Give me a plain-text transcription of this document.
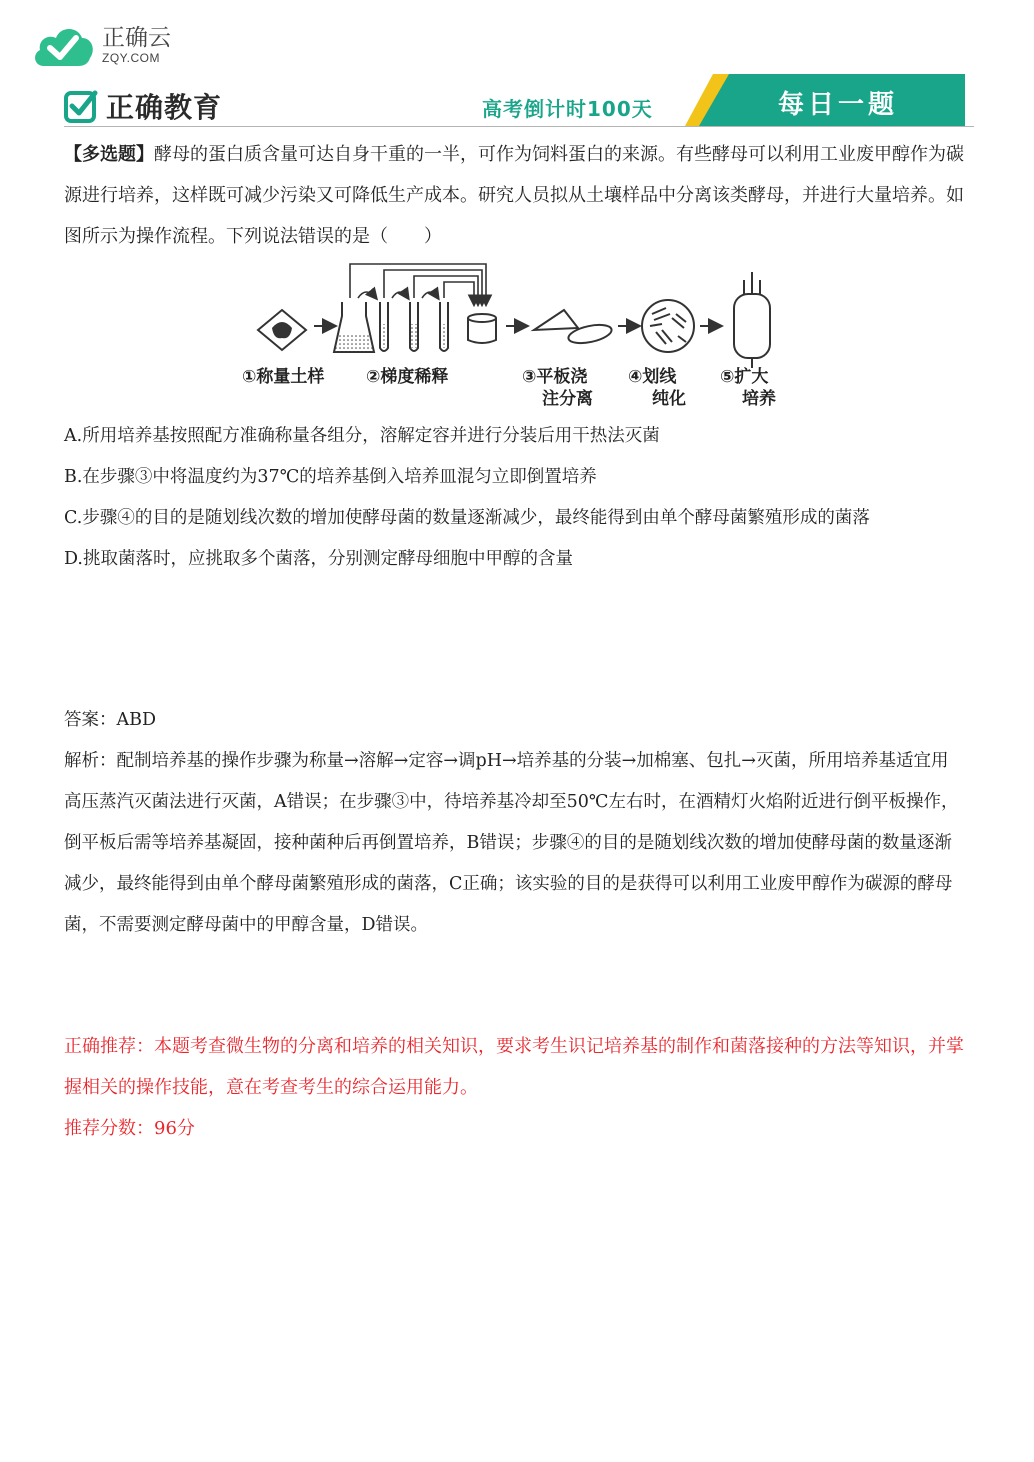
正确云
ZQY.COM
正确教育	高考倒计时100天	每日一题
【多选题】酵母的蛋白质含量可达自身干重的一半，可作为饲料蛋白的来源。有些酵母可以利用工业废甲醇作为碳源进行培养，这样既可减少污染又可降低生产成本。研究人员拟从土壤样品中分离该类酵母，并进行大量培养。如图所示为操作流程。下列说法错误的是（　　）
①称量土样 ②梯度稀释	③平板浇注分离
④划线纯化
⑤扩大培养

A.所用培养基按照配方准确称量各组分，溶解定容并进行分装后用干热法灭菌

B.在步骤③中将温度约为37℃的培养基倒入培养皿混匀立即倒置培养

C.步骤④的目的是随划线次数的增加使酵母菌的数量逐渐减少，最终能得到由单个酵母菌繁殖形成的菌落

D.挑取菌落时，应挑取多个菌落，分别测定酵母细胞中甲醇的含量

答案：ABD
解析：配制培养基的操作步骤为称量→溶解→定容→调pH→培养基的分装→加棉塞、包扎→灭菌，所用培养基适宜用高压蒸汽灭菌法进行灭菌，A错误；在步骤③中，待培养基冷却至50℃左右时，在酒精灯火焰附近进行倒平板操作，倒平板后需等培养基凝固，接种菌种后再倒置培养，B错误；步骤④的目的是随划线次数的增加使酵母菌的数量逐渐减少，最终能得到由单个酵母菌繁殖形成的菌落，C正确；该实验的目的是获得可以利用工业废甲醇作为碳源的酵母菌，不需要测定酵母菌中的甲醇含量，D错误。
正确推荐：本题考查微生物的分离和培养的相关知识，要求考生识记培养基的制作和菌落接种的方法等知识，并掌握相关的操作技能，意在考查考生的综合运用能力。
推荐分数：96分
